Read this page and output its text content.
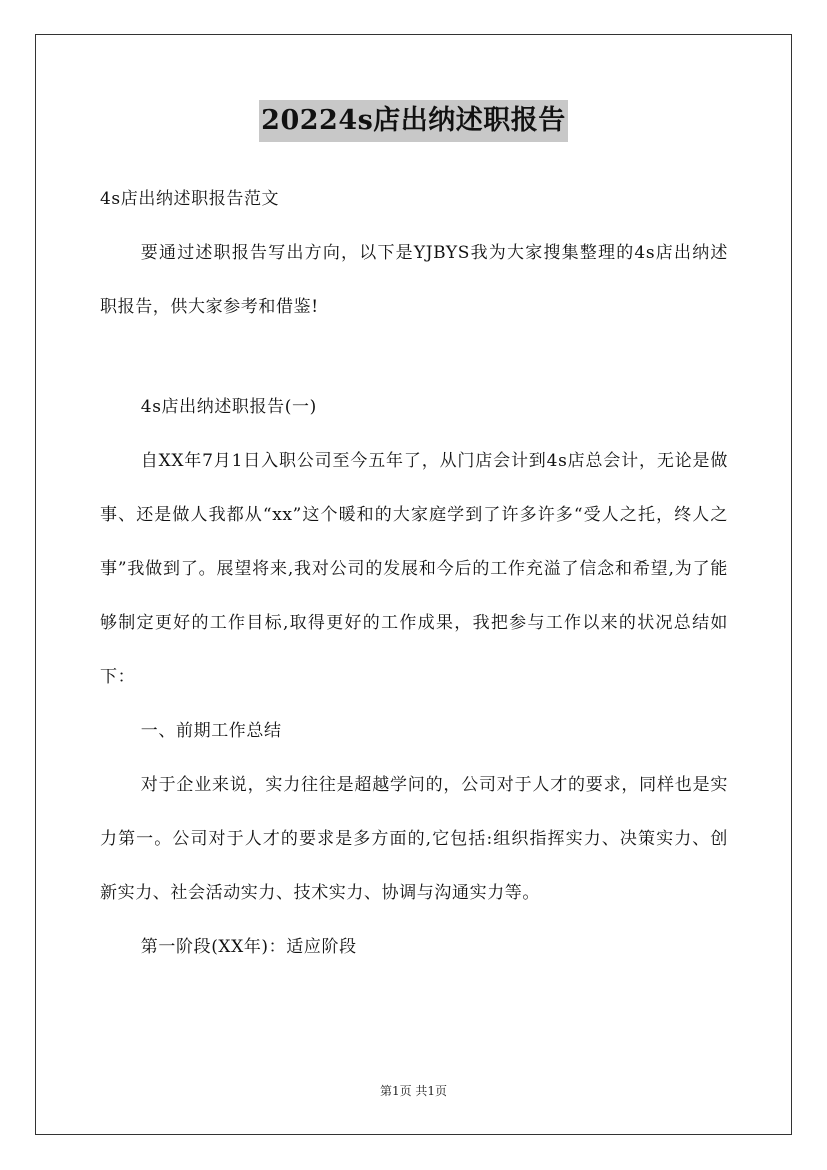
20224s店出纳述职报告

4s店出纳述职报告范文

要通过述职报告写出方向，以下是YJBYS我为大家搜集整理的4s店出纳述职报告，供大家参考和借鉴!

4s店出纳述职报告(一)

自XX年7月1日入职公司至今五年了，从门店会计到4s店总会计，无论是做事、还是做人我都从“xx”这个暖和的大家庭学到了许多许多“受人之托，终人之事”我做到了。展望将来,我对公司的发展和今后的工作充溢了信念和希望,为了能够制定更好的工作目标,取得更好的工作成果，我把参与工作以来的状况总结如下：

一、前期工作总结

对于企业来说，实力往往是超越学问的，公司对于人才的要求，同样也是实力第一。公司对于人才的要求是多方面的,它包括:组织指挥实力、决策实力、创新实力、社会活动实力、技术实力、协调与沟通实力等。

第一阶段(XX年)：适应阶段

第1页 共1页
